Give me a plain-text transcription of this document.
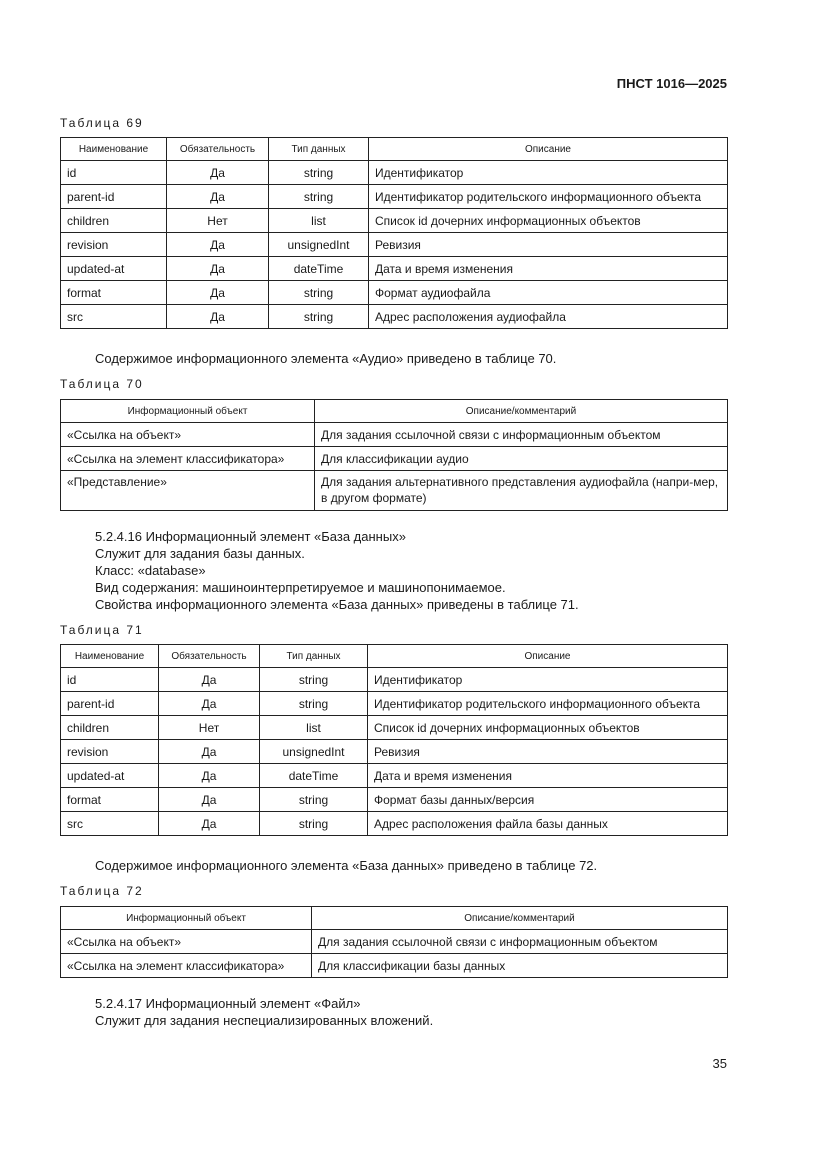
ПНСТ 1016—2025
Таблица 69
Наименование	Обязательность	Тип данных	Описание
id	Да	string	Идентификатор
parent-id	Да	string	Идентификатор родительского информационного объекта
children	Нет	list	Список id дочерних информационных объектов
revision	Да	unsignedInt	Ревизия
updated-at	Да	dateTime	Дата и время изменения
format	Да	string	Формат аудиофайла
src	Да	string	Адрес расположения аудиофайла
Содержимое информационного элемента «Аудио» приведено в таблице 70.
Таблица 70
Информационный объект	Описание/комментарий
«Ссылка на объект»	Для задания ссылочной связи с информационным объектом
«Ссылка на элемент классификатора»	Для классификации аудио
«Представление»	Для задания альтернативного представления аудиофайла (напри-мер, в другом формате)
5.2.4.16 Информационный элемент «База данных»
Служит для задания базы данных.
Класс: «database»
Вид содержания: машиноинтерпретируемое и машинопонимаемое.
Свойства информационного элемента «База данных» приведены в таблице 71.
Таблица 71
Наименование	Обязательность	Тип данных	Описание
id	Да	string	Идентификатор
parent-id	Да	string	Идентификатор родительского информационного объекта
children	Нет	list	Список id дочерних информационных объектов
revision	Да	unsignedInt	Ревизия
updated-at	Да	dateTime	Дата и время изменения
format	Да	string	Формат базы данных/версия
src	Да	string	Адрес расположения файла базы данных
Содержимое информационного элемента «База данных» приведено в таблице 72.
Таблица 72
Информационный объект	Описание/комментарий
«Ссылка на объект»	Для задания ссылочной связи с информационным объектом
«Ссылка на элемент классификатора»	Для классификации базы данных
5.2.4.17 Информационный элемент «Файл»
Служит для задания неспециализированных вложений.
35
